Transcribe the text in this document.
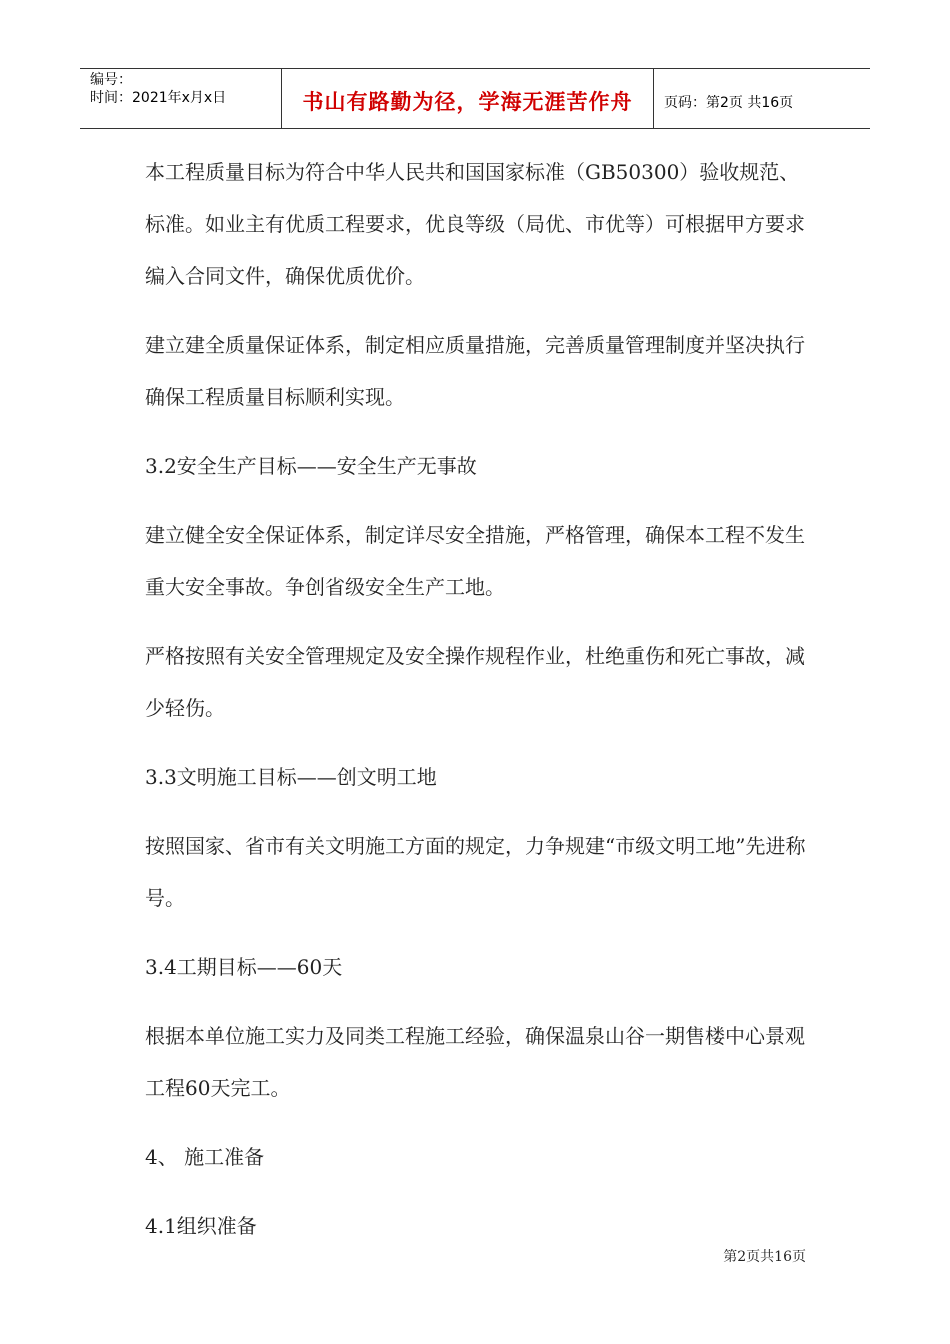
编号：
时间：2021年x月x日	书山有路勤为径，学海无涯苦作舟	页码：第2页 共16页

本工程质量目标为符合中华人民共和国国家标准（GB50300）验收规范、标准。如业主有优质工程要求，优良等级（局优、市优等）可根据甲方要求编入合同文件，确保优质优价。

建立建全质量保证体系，制定相应质量措施，完善质量管理制度并坚决执行确保工程质量目标顺利实现。

3.2安全生产目标——安全生产无事故

建立健全安全保证体系，制定详尽安全措施，严格管理，确保本工程不发生重大安全事故。争创省级安全生产工地。

严格按照有关安全管理规定及安全操作规程作业，杜绝重伤和死亡事故，减少轻伤。

3.3文明施工目标——创文明工地

按照国家、省市有关文明施工方面的规定，力争规建“市级文明工地”先进称号。

3.4工期目标——60天

根据本单位施工实力及同类工程施工经验，确保温泉山谷一期售楼中心景观工程60天完工。

4、 施工准备

4.1组织准备

第2页共16页
